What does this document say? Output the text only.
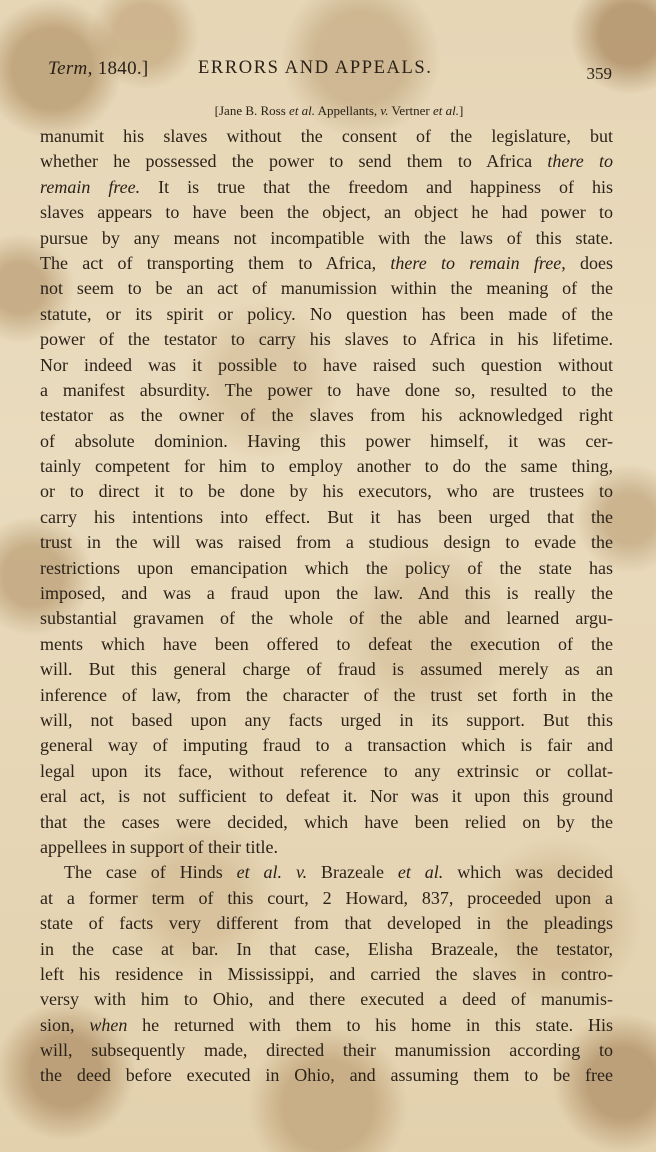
Term, 1840.]	ERRORS AND APPEALS.	359
[Jane B. Ross et al. Appellants, v. Vertner et al.]
manumit his slaves without the consent of the legislature, but
whether he possessed the power to send them to Africa there to
remain free. It is true that the freedom and happiness of his
slaves appears to have been the object, an object he had power to
pursue by any means not incompatible with the laws of this state.
The act of transporting them to Africa, there to remain free, does
not seem to be an act of manumission within the meaning of the
statute, or its spirit or policy. No question has been made of the
power of the testator to carry his slaves to Africa in his lifetime.
Nor indeed was it possible to have raised such question without
a manifest absurdity. The power to have done so, resulted to the
testator as the owner of the slaves from his acknowledged right
of absolute dominion. Having this power himself, it was cer-
tainly competent for him to employ another to do the same thing,
or to direct it to be done by his executors, who are trustees to
carry his intentions into effect. But it has been urged that the
trust in the will was raised from a studious design to evade the
restrictions upon emancipation which the policy of the state has
imposed, and was a fraud upon the law. And this is really the
substantial gravamen of the whole of the able and learned argu-
ments which have been offered to defeat the execution of the
will. But this general charge of fraud is assumed merely as an
inference of law, from the character of the trust set forth in the
will, not based upon any facts urged in its support. But this
general way of imputing fraud to a transaction which is fair and
legal upon its face, without reference to any extrinsic or collat-
eral act, is not sufficient to defeat it. Nor was it upon this ground
that the cases were decided, which have been relied on by the
appellees in support of their title.
The case of Hinds et al. v. Brazeale et al. which was decided
at a former term of this court, 2 Howard, 837, proceeded upon a
state of facts very different from that developed in the pleadings
in the case at bar. In that case, Elisha Brazeale, the testator,
left his residence in Mississippi, and carried the slaves in contro-
versy with him to Ohio, and there executed a deed of manumis-
sion, when he returned with them to his home in this state. His
will, subsequently made, directed their manumission according to
the deed before executed in Ohio, and assuming them to be free
